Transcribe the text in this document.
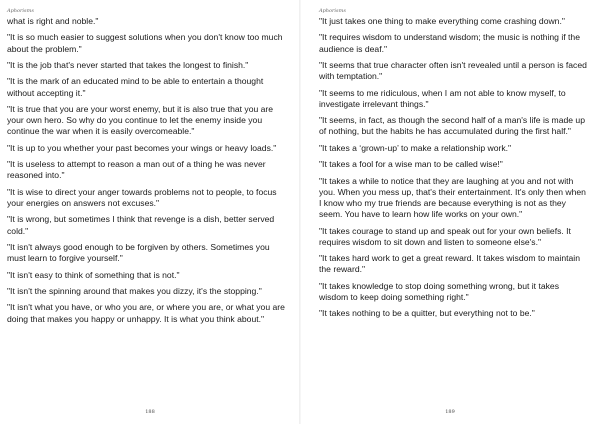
Aphorisms

what is right and noble."

"It is so much easier to suggest solutions when you don't know too much about the problem."

"It is the job that's never started that takes the longest to finish."

"It is the mark of an educated mind to be able to entertain a thought without accepting it."

"It is true that you are your worst enemy, but it is also true that you are your own hero. So why do you continue to let the enemy inside you continue the war when it is easily overcomeable."

"It is up to you whether your past becomes your wings or heavy loads."

"It is useless to attempt to reason a man out of a thing he was never reasoned into."

"It is wise to direct your anger towards problems not to people, to focus your energies on answers not excuses."

"It is wrong, but sometimes I think that revenge is a dish, better served cold."

"It isn't always good enough to be forgiven by others. Sometimes you must learn to forgive yourself."

"It isn't easy to think of something that is not."

"It isn't the spinning around that makes you dizzy, it's the stopping."

"It isn't what you have, or who you are, or where you are, or what you are doing that makes you happy or unhappy. It is what you think about."

188
Aphorisms

"It just takes one thing to make everything come crashing down."

"It requires wisdom to understand wisdom; the music is nothing if the audience is deaf."

"It seems that true character often isn't revealed until a person is faced with temptation."

"It seems to me ridiculous, when I am not able to know myself, to investigate irrelevant things."

"It seems, in fact, as though the second half of a man's life is made up of nothing, but the habits he has accumulated during the first half."

"It takes a ‘grown-up’ to make a relationship work."

"It takes a fool for a wise man to be called wise!"

"It takes a while to notice that they are laughing at you and not with you. When you mess up, that's their entertainment. It's only then when I know who my true friends are because everything is not as they seem. You have to learn how life works on your own."

"It takes courage to stand up and speak out for your own beliefs. It requires wisdom to sit down and listen to someone else's."

"It takes hard work to get a great reward. It takes wisdom to maintain the reward."

"It takes knowledge to stop doing something wrong, but it takes wisdom to keep doing something right."

"It takes nothing to be a quitter, but everything not to be."

189
